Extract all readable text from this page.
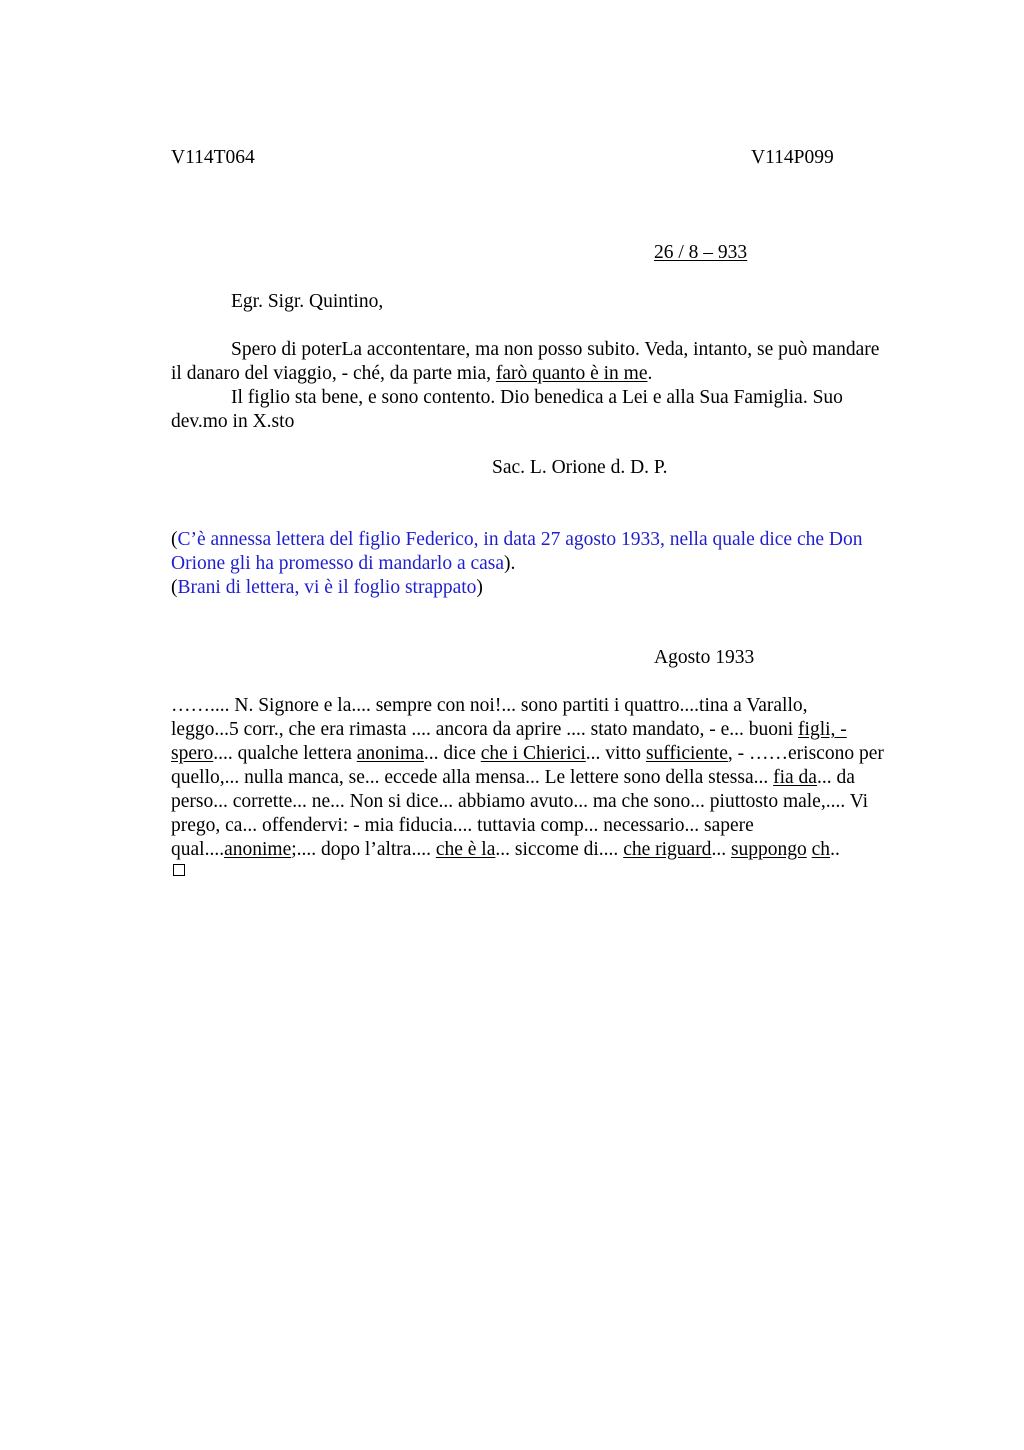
V114T064	V114P099
26 / 8 – 933
Egr. Sigr. Quintino,
Spero di poterLa accontentare, ma non posso subito. Veda, intanto, se può mandare
il danaro del viaggio, - ché, da parte mia, farò quanto è in me.
Il figlio sta bene, e sono contento. Dio benedica a Lei e alla Sua Famiglia. Suo
dev.mo in X.sto
Sac. L. Orione d. D. P.
(C’è annessa lettera del figlio Federico, in data 27 agosto 1933, nella quale dice che Don
Orione gli ha promesso di mandarlo a casa).
(Brani di lettera, vi è il foglio strappato)
Agosto 1933
…….... N. Signore e la.... sempre con noi!... sono partiti i quattro....tina a Varallo,
leggo...5 corr., che era rimasta .... ancora da aprire .... stato mandato, - e... buoni figli, -
spero.... qualche lettera anonima... dice che i Chierici... vitto sufficiente, - ……eriscono per
quello,... nulla manca, se... eccede alla mensa... Le lettere sono della stessa... fia da... da
perso... corrette... ne... Non si dice... abbiamo avuto... ma che sono... piuttosto male,.... Vi
prego, ca... offendervi: - mia fiducia.... tuttavia comp... necessario... sapere
qual....anonime;.... dopo l’altra.... che è la... siccome di.... che riguard... suppongo ch..
